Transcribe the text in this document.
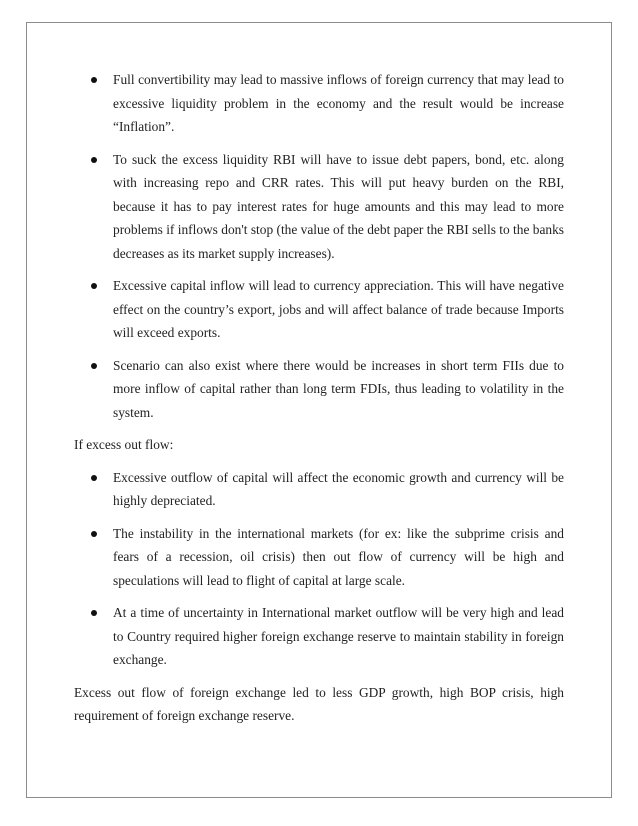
Full convertibility may lead to massive inflows of foreign currency that may lead to excessive liquidity problem in the economy and the result would be increase “Inflation”.
To suck the excess liquidity RBI will have to issue debt papers, bond, etc. along with increasing repo and CRR rates. This will put heavy burden on the RBI, because it has to pay interest rates for huge amounts and this may lead to more problems if inflows don't stop (the value of the debt paper the RBI sells to the banks decreases as its market supply increases).
Excessive capital inflow will lead to currency appreciation. This will have negative effect on the country’s export, jobs and will affect balance of trade because Imports will exceed exports.
Scenario can also exist where there would be increases in short term FIIs due to more inflow of capital rather than long term FDIs, thus leading to volatility in the system.

If excess out flow:

Excessive outflow of capital will affect the economic growth and currency will be highly depreciated.
The instability in the international markets (for ex: like the subprime crisis and fears of a recession, oil crisis) then out flow of currency will be high and speculations will lead to flight of capital at large scale.
At a time of uncertainty in International market outflow will be very high and lead to Country required higher foreign exchange reserve to maintain stability in foreign exchange.

Excess out flow of foreign exchange led to less GDP growth, high BOP crisis, high requirement of foreign exchange reserve.
